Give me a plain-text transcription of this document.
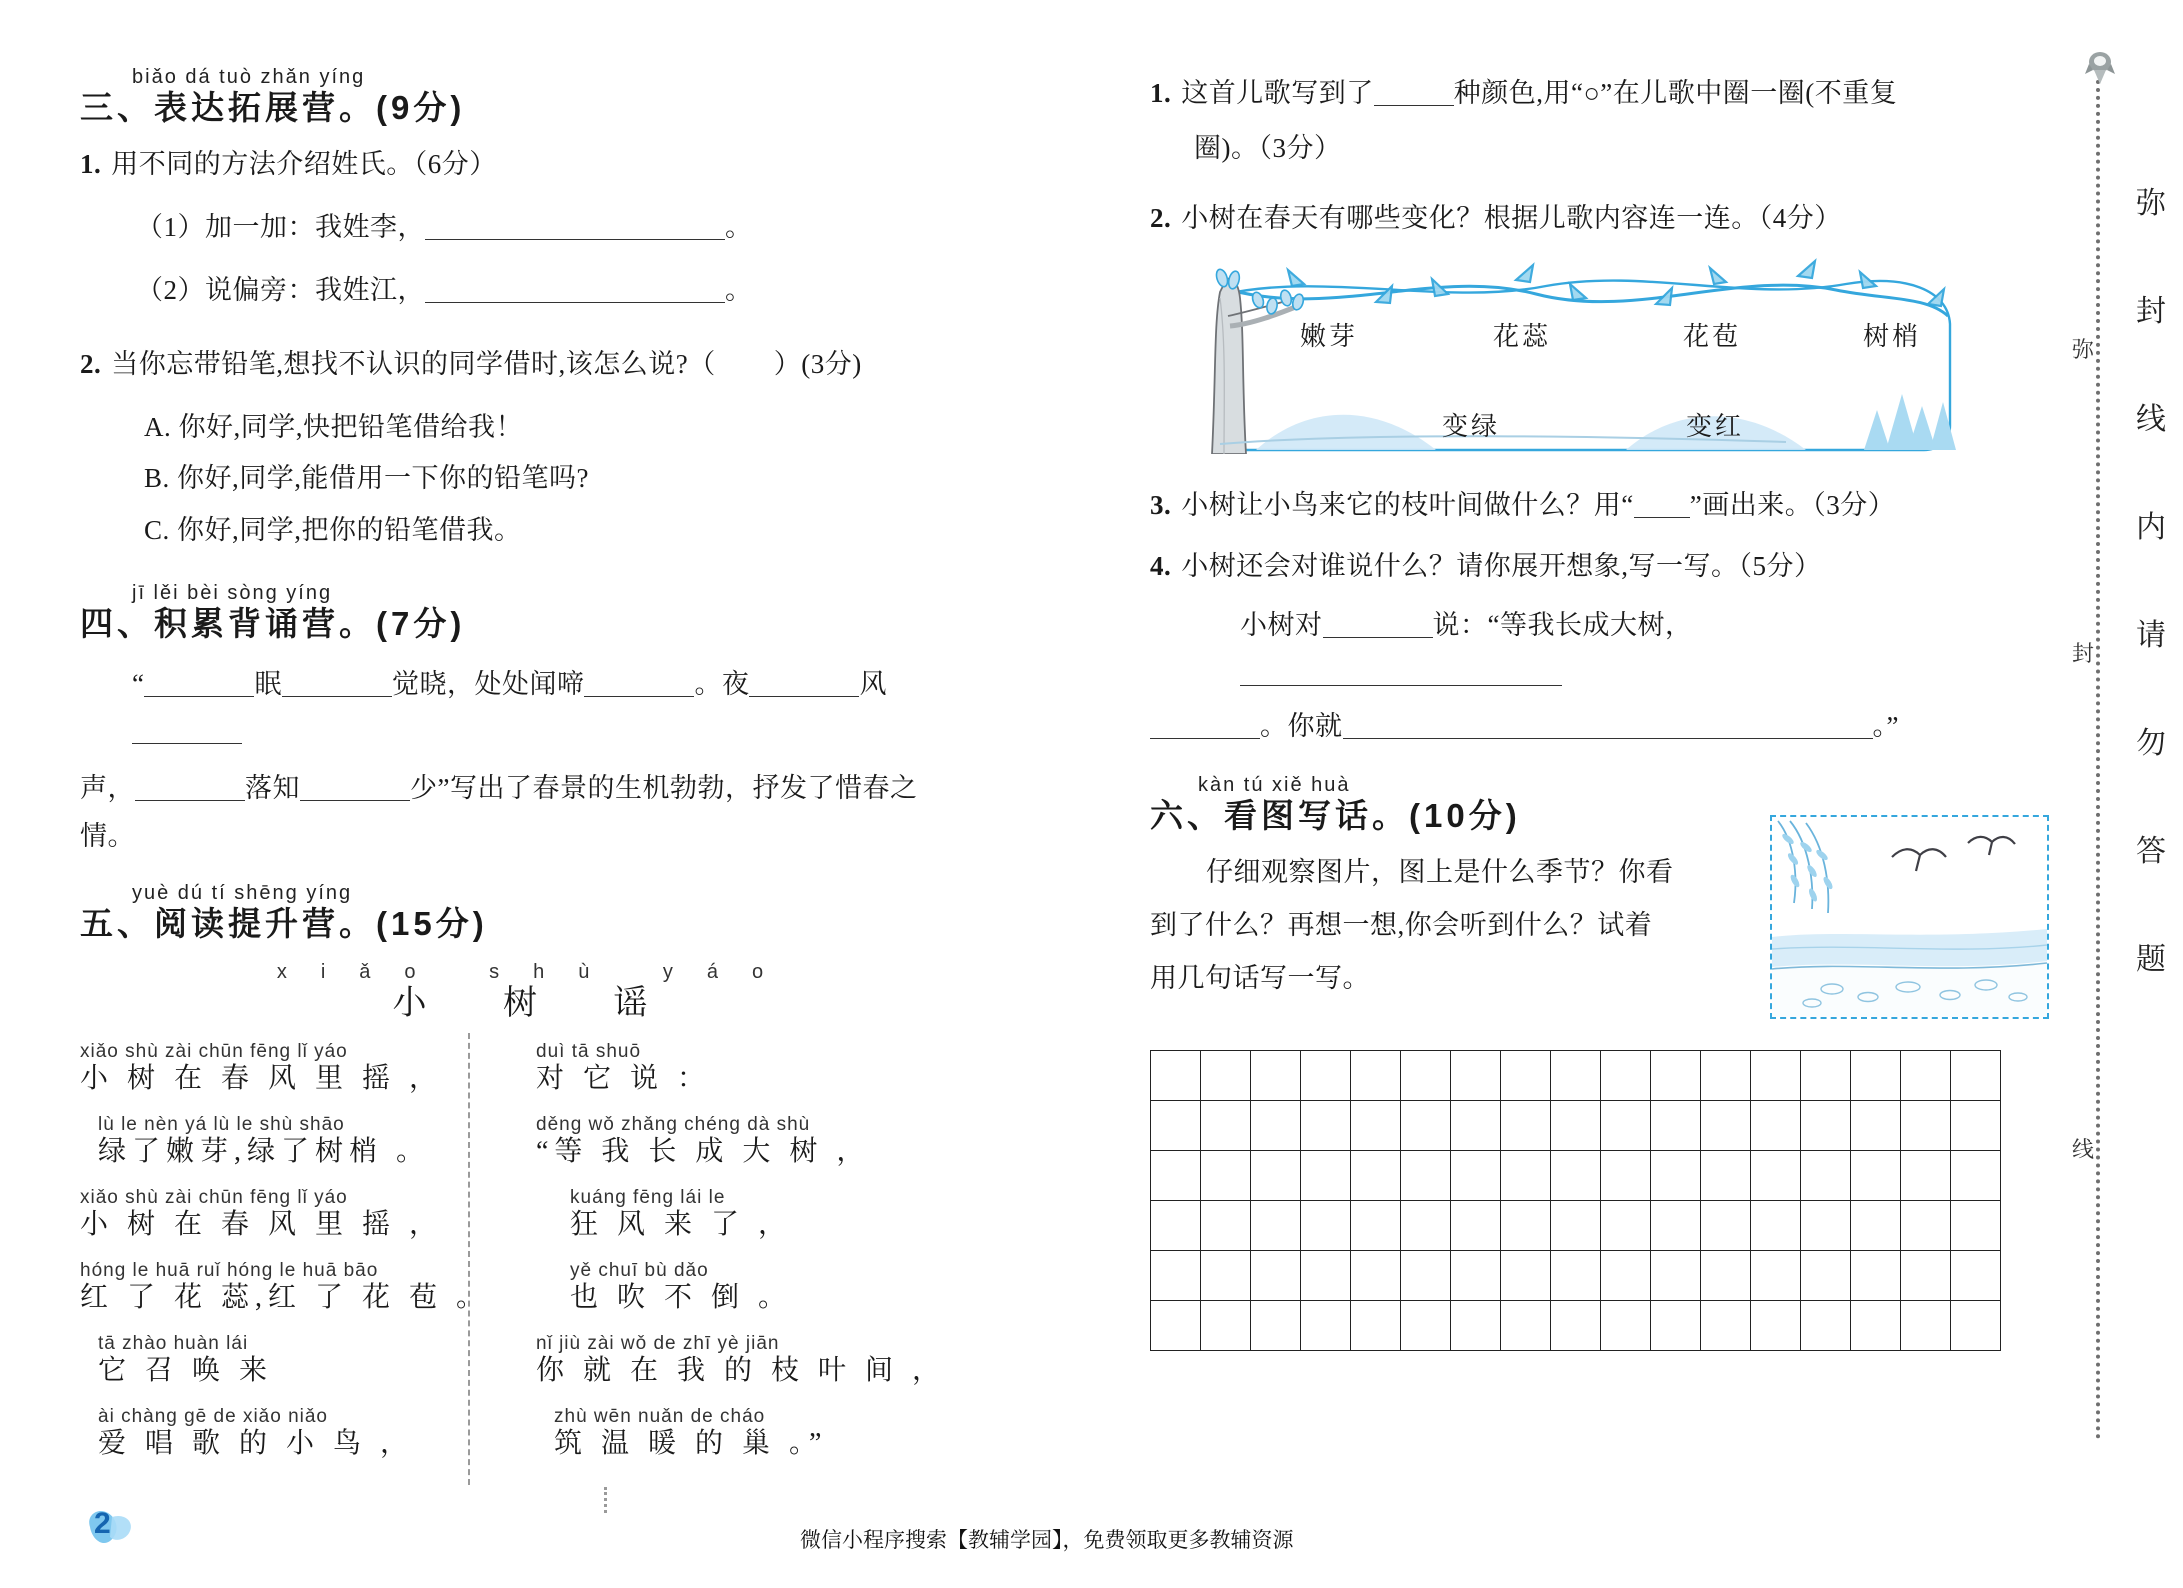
biǎo dá tuò zhǎn yíng
三、表达拓展营。(9分)
1. 用不同的方法介绍姓氏。（6分）
（1）加一加：我姓李，	。
（2）说偏旁：我姓江，	。
2. 当你忘带铅笔,想找不认识的同学借时,该怎么说?（ ）(3分)
A. 你好,同学,快把铅笔借给我！
B. 你好,同学,能借用一下你的铅笔吗?
C. 你好,同学,把你的铅笔借我。
jī lěi bèi sòng yíng
四、积累背诵营。(7分)
“	眠	觉晓，处处闻啼	。夜	风
声，	落知	少”写出了春景的生机勃勃，抒发了惜春之情。
yuè dú tí shēng yíng
五、阅读提升营。(15分)
xiǎo shù yáo
小 树 谣
xiǎo shù zài chūn fēng lǐ yáo
小 树 在 春 风 里 摇 ，
lù le nèn yá lù le shù shāo
绿了嫩芽,绿了树梢 。
xiǎo shù zài chūn fēng lǐ yáo
小 树 在 春 风 里 摇 ，
hóng le huā ruǐ hóng le huā bāo
红 了 花 蕊,红 了 花 苞 。
tā zhào huàn lái
它 召 唤 来
ài chàng gē de xiǎo niǎo
爱 唱 歌 的 小 鸟 ，
duì tā shuō
对 它 说 ：
děng wǒ zhǎng chéng dà shù
“等 我 长 成 大 树 ，
kuáng fēng lái le
狂 风 来 了 ，
yě chuī bù dǎo
也 吹 不 倒 。
nǐ jiù zài wǒ de zhī yè jiān
你 就 在 我 的 枝 叶 间 ，
zhù wēn nuǎn de cháo
筑 温 暖 的 巢 。”
1. 这首儿歌写到了	种颜色,用“○”在儿歌中圈一圈(不重复
圈)。（3分）
2. 小树在春天有哪些变化？根据儿歌内容连一连。（4分）
嫩芽	花蕊	花苞	树梢
变绿	变红
3. 小树让小鸟来它的枝叶间做什么？用“ ”画出来。（3分）
4. 小树还会对谁说什么？请你展开想象,写一写。（5分）
小树对	说：“等我长成大树，
。你就	。”
kàn tú xiě huà
六、看图写话。(10分)
仔细观察图片，图上是什么季节？你看
到了什么？再想一想,你会听到什么？试着
用几句话写一写。

弥
封
线
内
请
勿
答
题
弥
封
线
2
微信小程序搜索【教辅学园】，免费领取更多教辅资源
